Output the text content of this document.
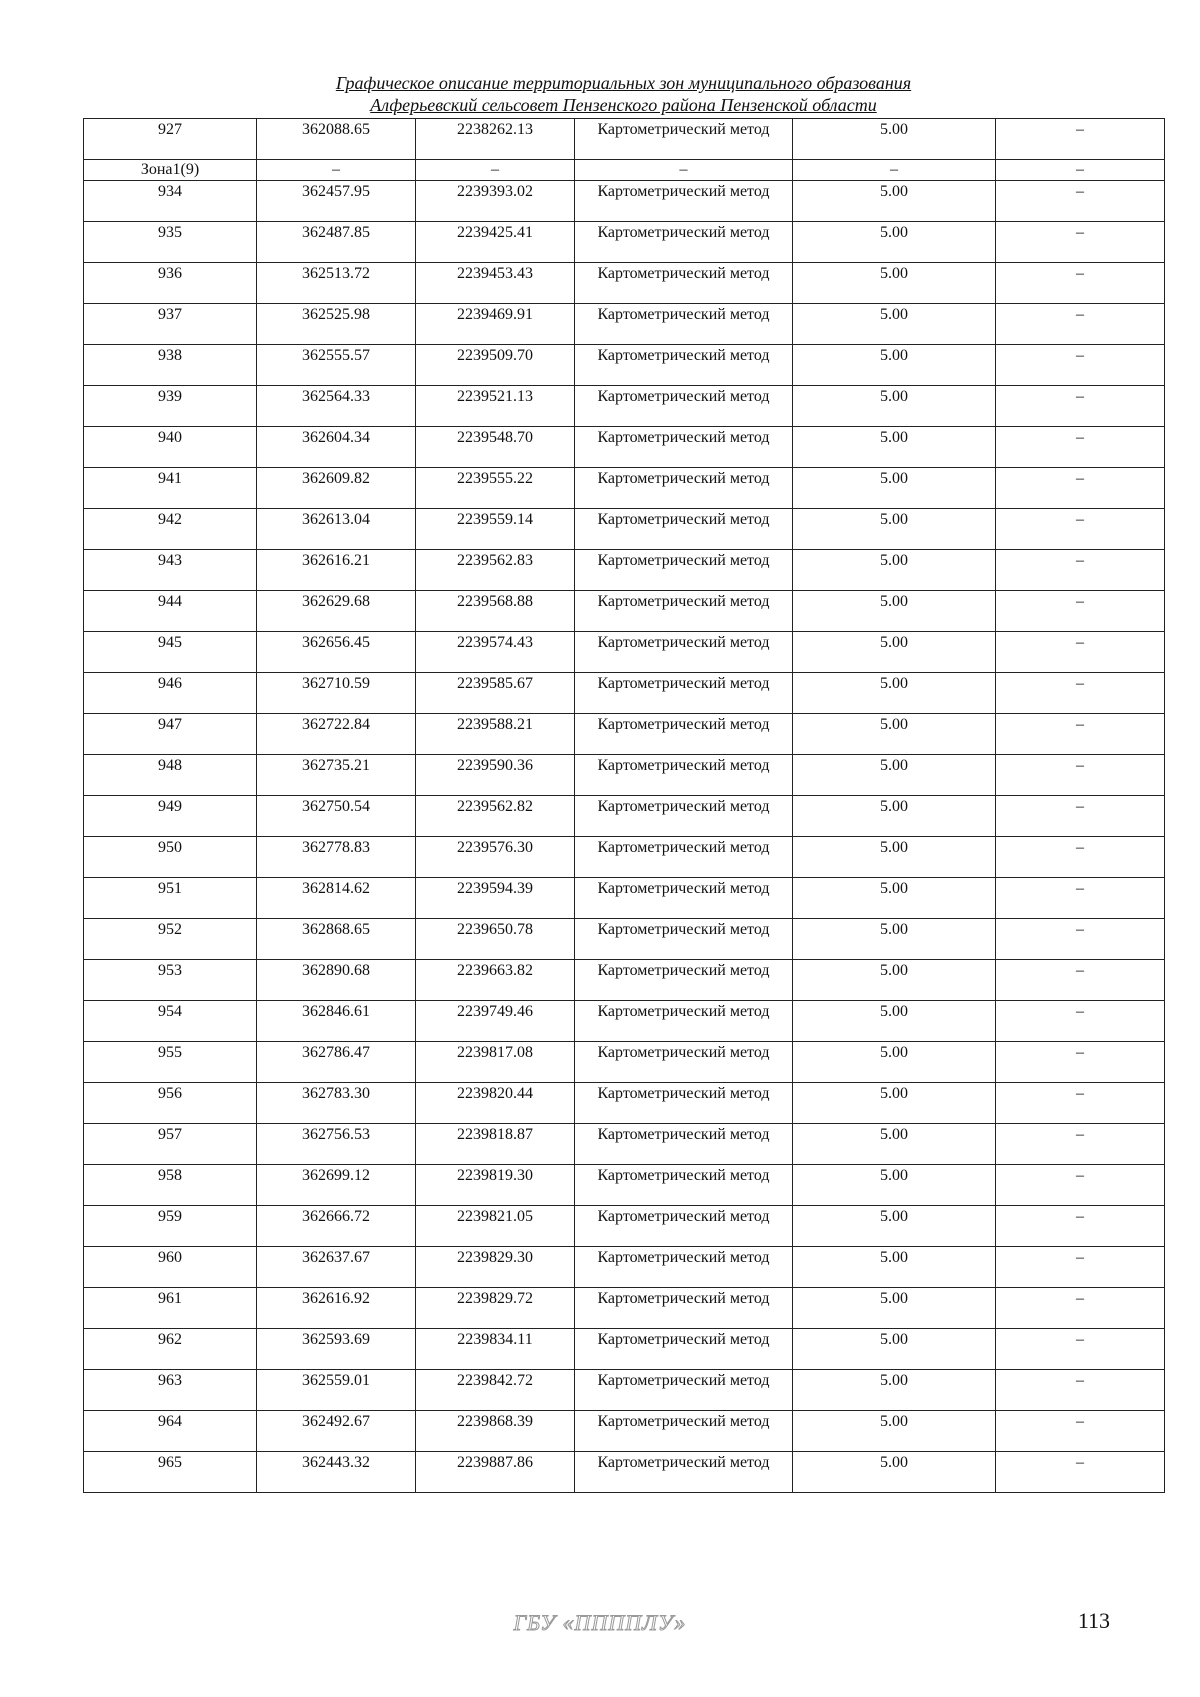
Графическое описание территориальных зон муниципального образования
Алферьевский сельсовет Пензенского района Пензенской области
927	362088.65	2238262.13	Картометрический метод	5.00	–
Зона1(9)	–	–	–	–	–
934	362457.95	2239393.02	Картометрический метод	5.00	–
935	362487.85	2239425.41	Картометрический метод	5.00	–
936	362513.72	2239453.43	Картометрический метод	5.00	–
937	362525.98	2239469.91	Картометрический метод	5.00	–
938	362555.57	2239509.70	Картометрический метод	5.00	–
939	362564.33	2239521.13	Картометрический метод	5.00	–
940	362604.34	2239548.70	Картометрический метод	5.00	–
941	362609.82	2239555.22	Картометрический метод	5.00	–
942	362613.04	2239559.14	Картометрический метод	5.00	–
943	362616.21	2239562.83	Картометрический метод	5.00	–
944	362629.68	2239568.88	Картометрический метод	5.00	–
945	362656.45	2239574.43	Картометрический метод	5.00	–
946	362710.59	2239585.67	Картометрический метод	5.00	–
947	362722.84	2239588.21	Картометрический метод	5.00	–
948	362735.21	2239590.36	Картометрический метод	5.00	–
949	362750.54	2239562.82	Картометрический метод	5.00	–
950	362778.83	2239576.30	Картометрический метод	5.00	–
951	362814.62	2239594.39	Картометрический метод	5.00	–
952	362868.65	2239650.78	Картометрический метод	5.00	–
953	362890.68	2239663.82	Картометрический метод	5.00	–
954	362846.61	2239749.46	Картометрический метод	5.00	–
955	362786.47	2239817.08	Картометрический метод	5.00	–
956	362783.30	2239820.44	Картометрический метод	5.00	–
957	362756.53	2239818.87	Картометрический метод	5.00	–
958	362699.12	2239819.30	Картометрический метод	5.00	–
959	362666.72	2239821.05	Картометрический метод	5.00	–
960	362637.67	2239829.30	Картометрический метод	5.00	–
961	362616.92	2239829.72	Картометрический метод	5.00	–
962	362593.69	2239834.11	Картометрический метод	5.00	–
963	362559.01	2239842.72	Картометрический метод	5.00	–
964	362492.67	2239868.39	Картометрический метод	5.00	–
965	362443.32	2239887.86	Картометрический метод	5.00	–
ГБУ «ППППЛУ»	113
